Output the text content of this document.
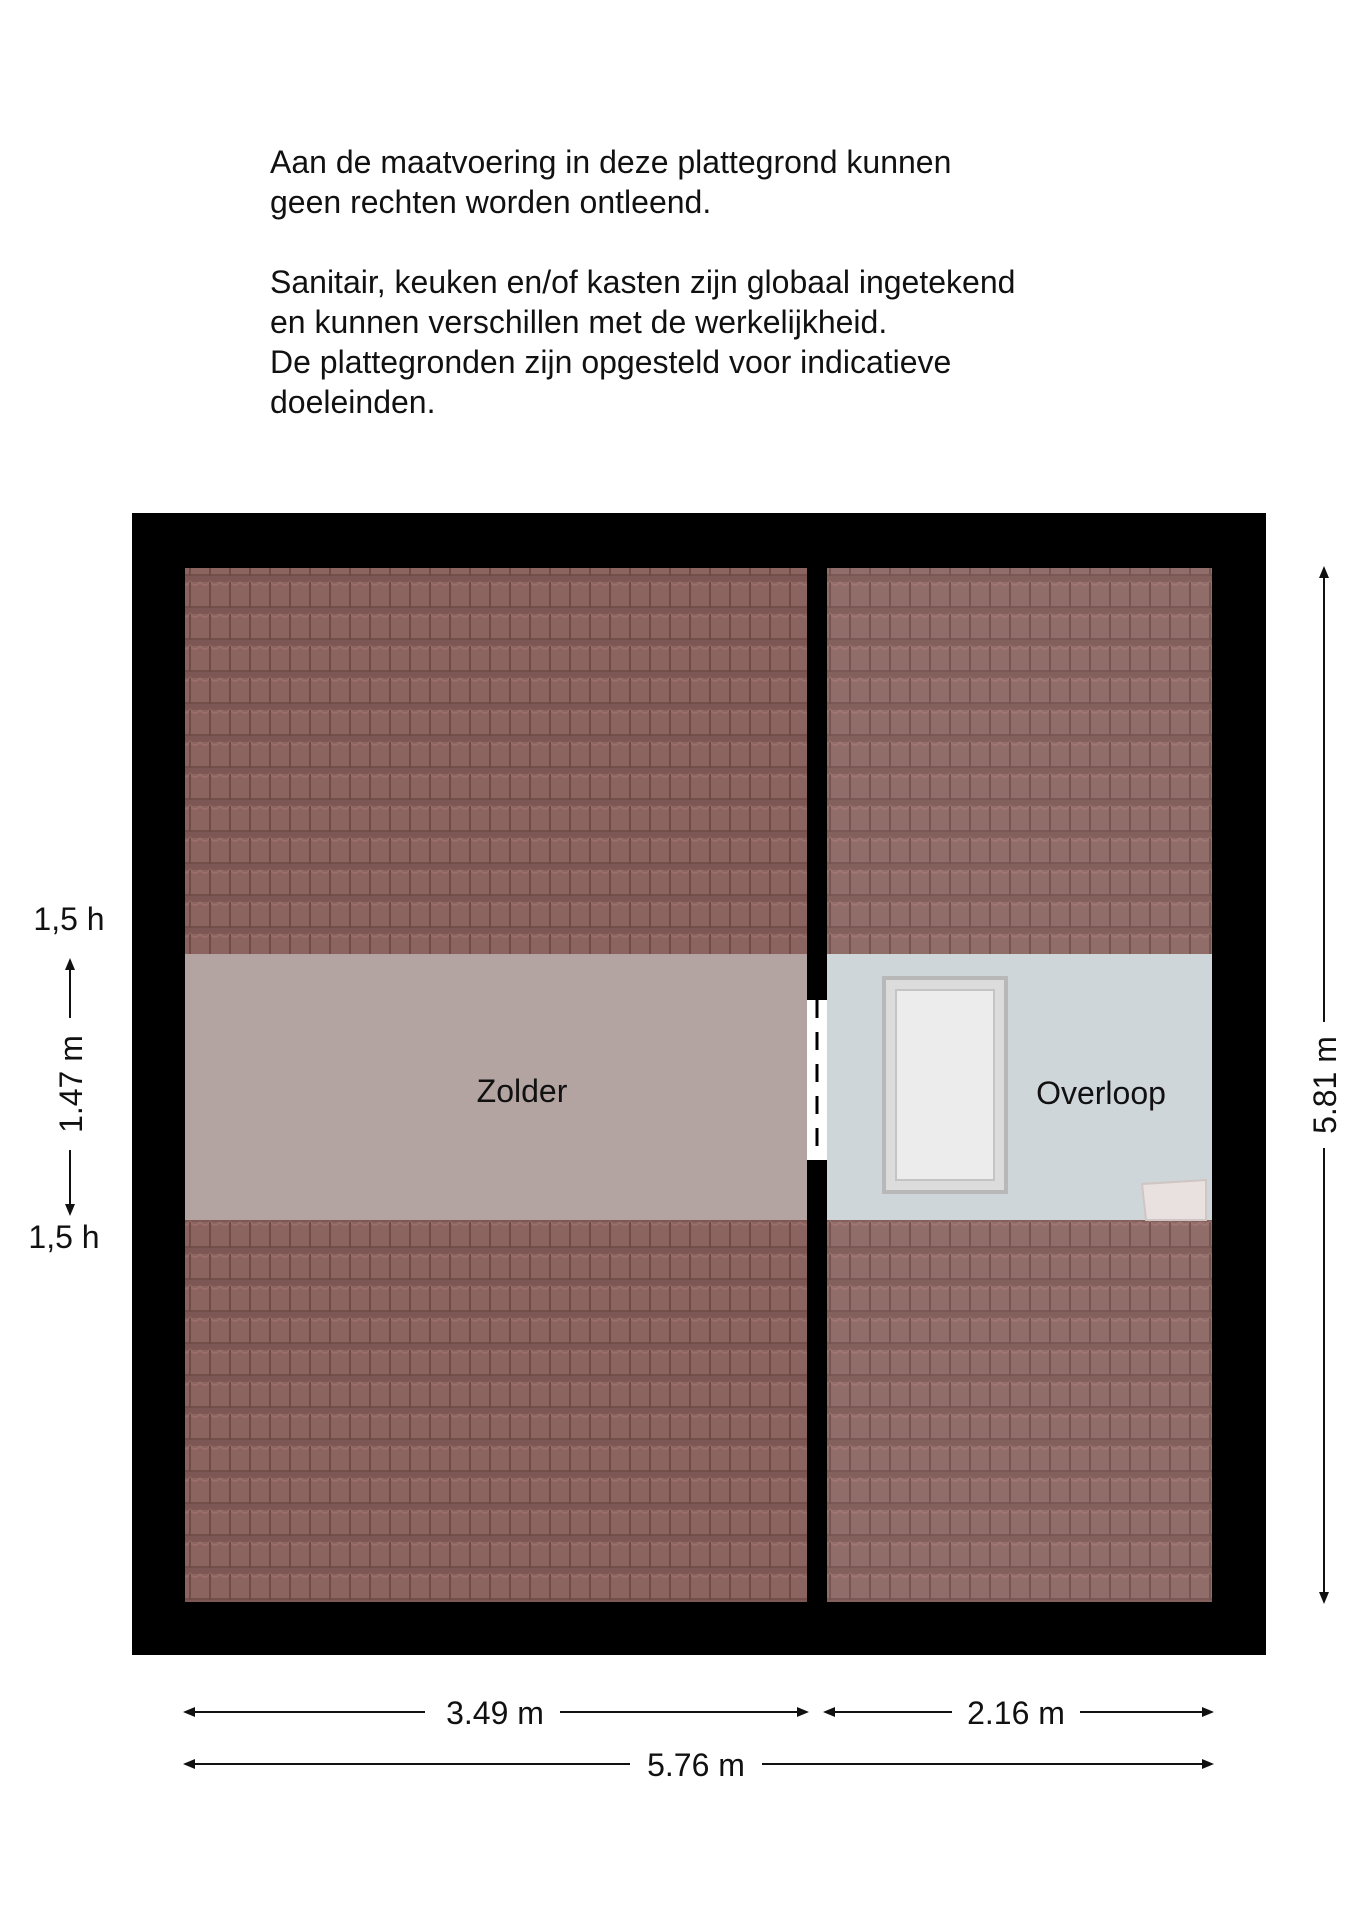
Aan de maatvoering in deze plattegrond kunnen

geen rechten worden ontleend.

Sanitair, keuken en/of kasten zijn globaal ingetekend

en kunnen verschillen met de werkelijkheid.

De plattegronden zijn opgesteld voor indicatieve

doeleinden.

Zolder	Overloop
3.49 m	2.16 m
5.76 m
5.81 m
1.47 m
1,5 h
1,5 h
